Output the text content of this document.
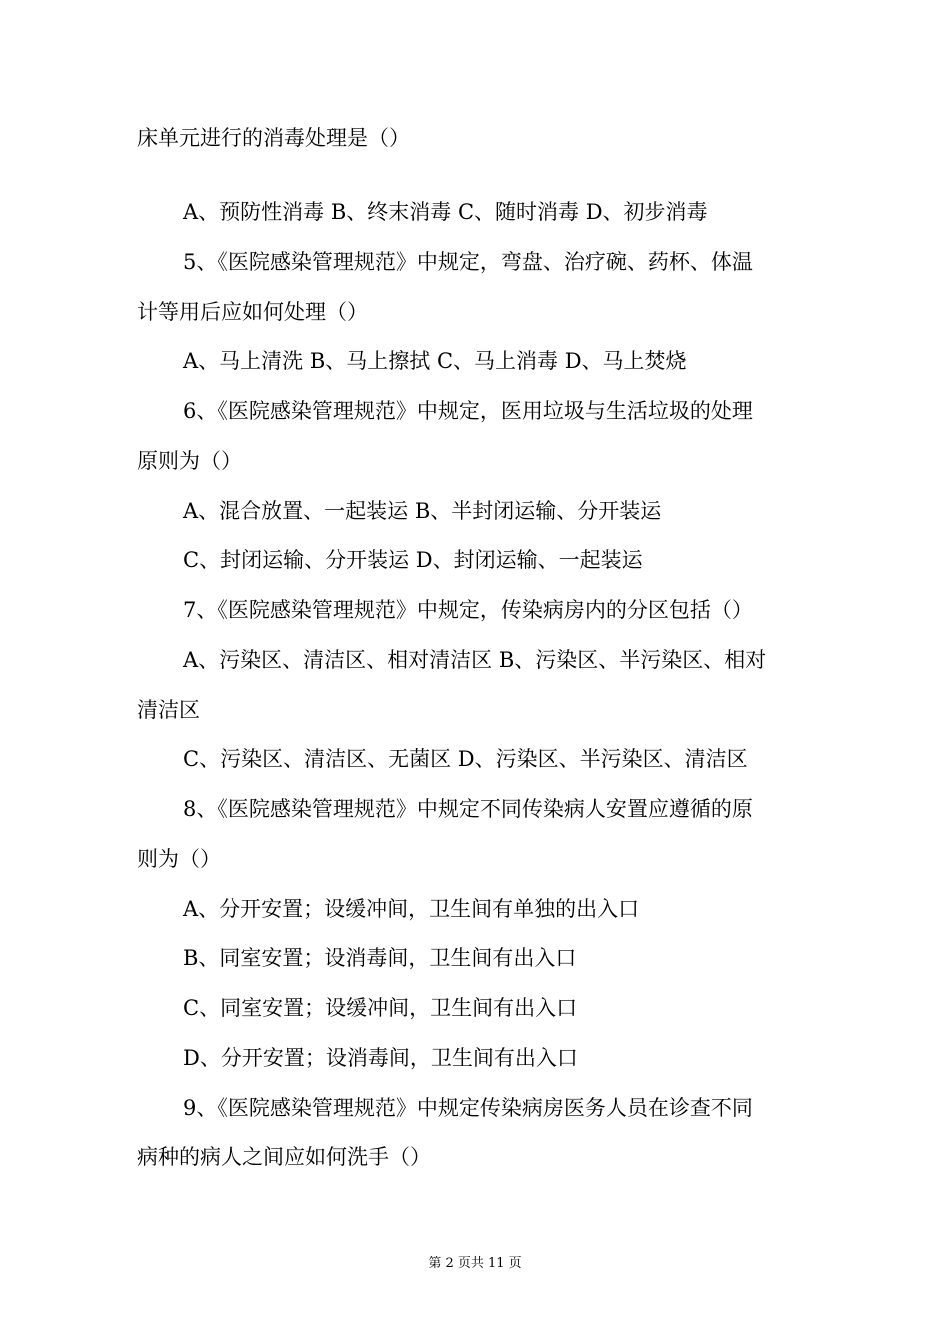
床单元进行的消毒处理是（）
A、预防性消毒 B、终末消毒 C、随时消毒 D、初步消毒
5、《医院感染管理规范》中规定，弯盘、治疗碗、药杯、体温
计等用后应如何处理（）
A、马上清洗 B、马上擦拭 C、马上消毒 D、马上焚烧
6、《医院感染管理规范》中规定，医用垃圾与生活垃圾的处理
原则为（）
A、混合放置、一起装运 B、半封闭运输、分开装运
C、封闭运输、分开装运 D、封闭运输、一起装运
7、《医院感染管理规范》中规定，传染病房内的分区包括（）
A、污染区、清洁区、相对清洁区 B、污染区、半污染区、相对
清洁区
C、污染区、清洁区、无菌区 D、污染区、半污染区、清洁区
8、《医院感染管理规范》中规定不同传染病人安置应遵循的原
则为（）
A、分开安置；设缓冲间，卫生间有单独的出入口
B、同室安置；设消毒间，卫生间有出入口
C、同室安置；设缓冲间，卫生间有出入口
D、分开安置；设消毒间，卫生间有出入口
9、《医院感染管理规范》中规定传染病房医务人员在诊查不同
病种的病人之间应如何洗手（）
第 2 页共 11 页
